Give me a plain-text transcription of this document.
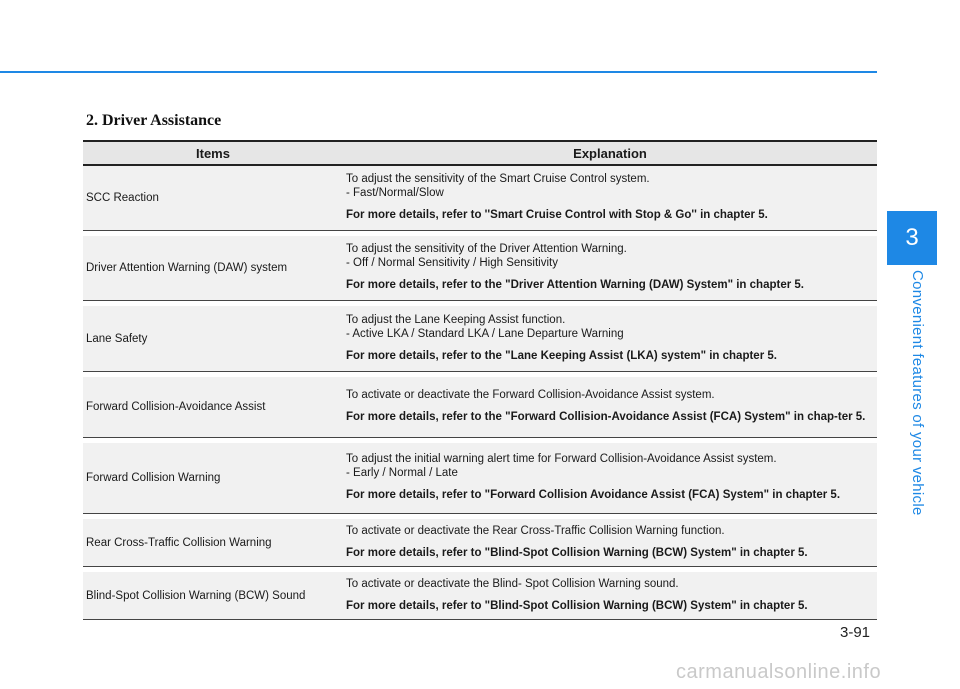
3
Convenient features of your vehicle
2. Driver Assistance
Items	Explanation
SCC Reaction
To adjust the sensitivity of the Smart Cruise Control system.
- Fast/Normal/Slow
For more details, refer to ''Smart Cruise Control with Stop & Go'' in chapter 5.
Driver Attention Warning (DAW) system
To adjust the sensitivity of the Driver Attention Warning.
- Off / Normal Sensitivity / High Sensitivity
For more details, refer to the "Driver Attention Warning (DAW) System" in chapter 5.
Lane Safety
To adjust the Lane Keeping Assist function.
- Active LKA / Standard LKA / Lane Departure Warning
For more details, refer to the "Lane Keeping Assist (LKA) system" in chapter 5.
Forward Collision-Avoidance Assist
To activate or deactivate the Forward Collision-Avoidance Assist system.
For more details, refer to the "Forward Collision-Avoidance Assist (FCA) System" in chap-ter 5.
Forward Collision Warning
To adjust the initial warning alert time for Forward Collision-Avoidance Assist system.
- Early / Normal / Late
For more details, refer to "Forward Collision Avoidance Assist (FCA) System" in chapter 5.
Rear Cross-Traffic Collision Warning
To activate or deactivate the Rear Cross-Traffic Collision Warning function.
For more details, refer to "Blind-Spot Collision Warning (BCW) System" in chapter 5.
Blind-Spot Collision Warning (BCW) Sound
To activate or deactivate the Blind- Spot Collision Warning sound.
For more details, refer to "Blind-Spot Collision Warning (BCW) System" in chapter 5.
3-91
carmanualsonline.info
